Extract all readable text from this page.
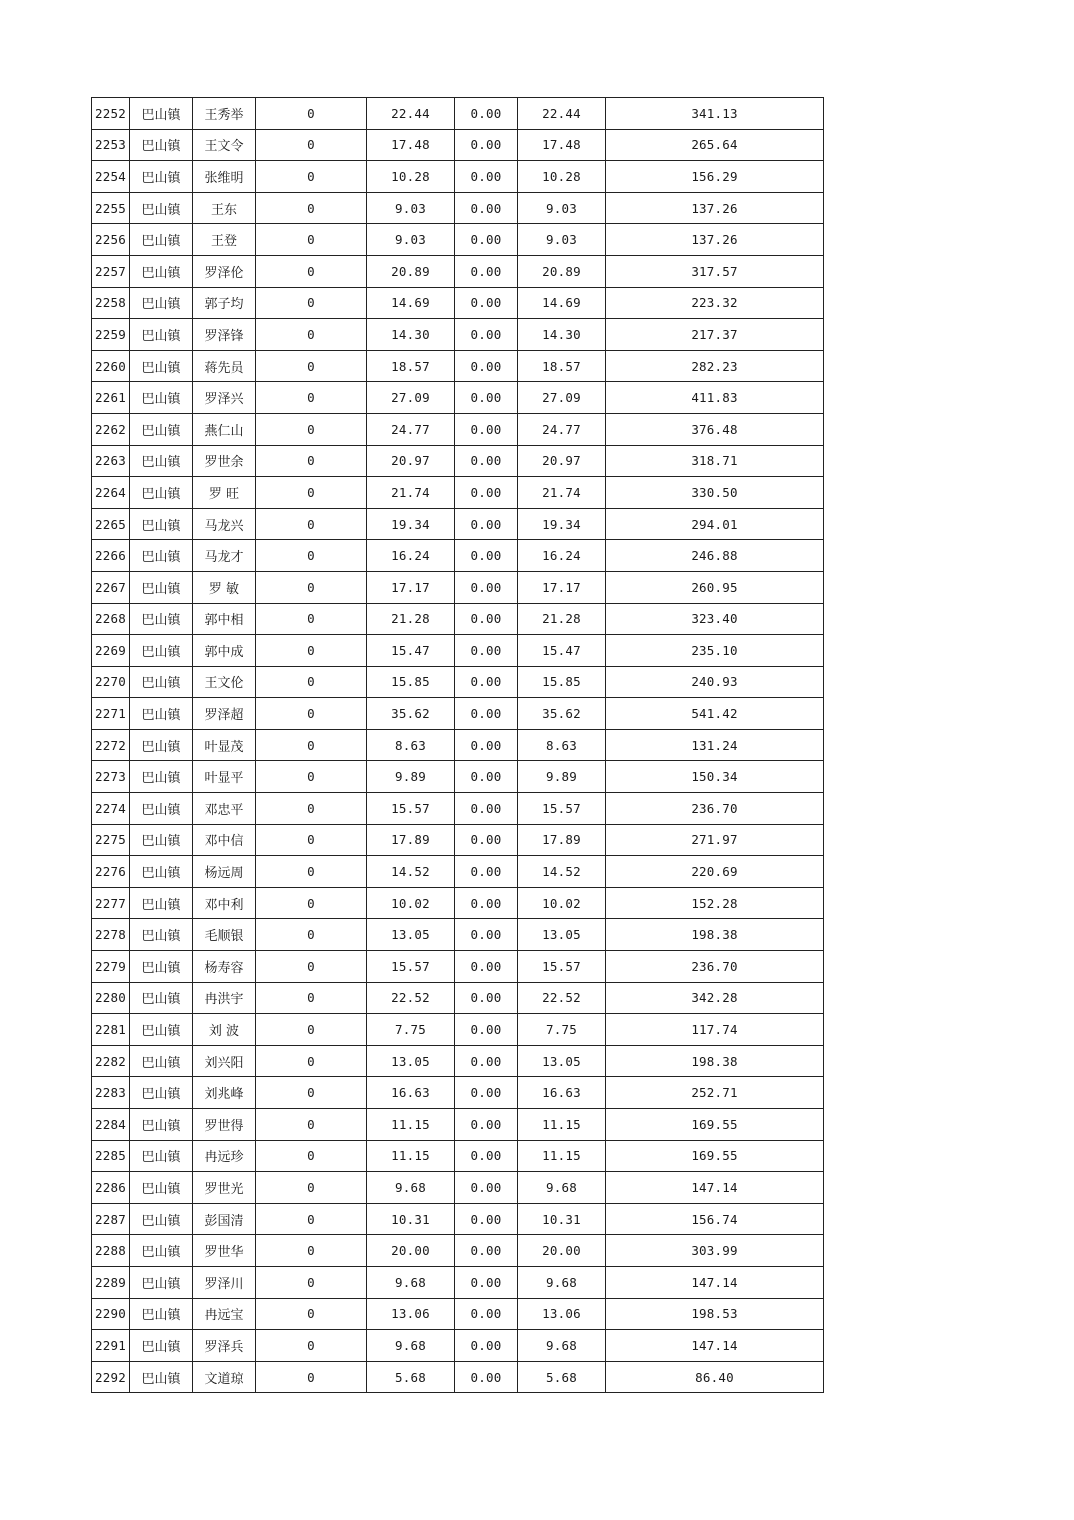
2252	巴山镇	王秀举	0	22.44	0.00	22.44	341.13
2253	巴山镇	王文令	0	17.48	0.00	17.48	265.64
2254	巴山镇	张维明	0	10.28	0.00	10.28	156.29
2255	巴山镇	王东	0	9.03	0.00	9.03	137.26
2256	巴山镇	王登	0	9.03	0.00	9.03	137.26
2257	巴山镇	罗泽伦	0	20.89	0.00	20.89	317.57
2258	巴山镇	郭子均	0	14.69	0.00	14.69	223.32
2259	巴山镇	罗泽锋	0	14.30	0.00	14.30	217.37
2260	巴山镇	蒋先员	0	18.57	0.00	18.57	282.23
2261	巴山镇	罗泽兴	0	27.09	0.00	27.09	411.83
2262	巴山镇	燕仁山	0	24.77	0.00	24.77	376.48
2263	巴山镇	罗世余	0	20.97	0.00	20.97	318.71
2264	巴山镇	罗 旺	0	21.74	0.00	21.74	330.50
2265	巴山镇	马龙兴	0	19.34	0.00	19.34	294.01
2266	巴山镇	马龙才	0	16.24	0.00	16.24	246.88
2267	巴山镇	罗 敏	0	17.17	0.00	17.17	260.95
2268	巴山镇	郭中相	0	21.28	0.00	21.28	323.40
2269	巴山镇	郭中成	0	15.47	0.00	15.47	235.10
2270	巴山镇	王文伦	0	15.85	0.00	15.85	240.93
2271	巴山镇	罗泽超	0	35.62	0.00	35.62	541.42
2272	巴山镇	叶显茂	0	8.63	0.00	8.63	131.24
2273	巴山镇	叶显平	0	9.89	0.00	9.89	150.34
2274	巴山镇	邓忠平	0	15.57	0.00	15.57	236.70
2275	巴山镇	邓中信	0	17.89	0.00	17.89	271.97
2276	巴山镇	杨远周	0	14.52	0.00	14.52	220.69
2277	巴山镇	邓中利	0	10.02	0.00	10.02	152.28
2278	巴山镇	毛顺银	0	13.05	0.00	13.05	198.38
2279	巴山镇	杨寿容	0	15.57	0.00	15.57	236.70
2280	巴山镇	冉洪宇	0	22.52	0.00	22.52	342.28
2281	巴山镇	刘 波	0	7.75	0.00	7.75	117.74
2282	巴山镇	刘兴阳	0	13.05	0.00	13.05	198.38
2283	巴山镇	刘兆峰	0	16.63	0.00	16.63	252.71
2284	巴山镇	罗世得	0	11.15	0.00	11.15	169.55
2285	巴山镇	冉远珍	0	11.15	0.00	11.15	169.55
2286	巴山镇	罗世光	0	9.68	0.00	9.68	147.14
2287	巴山镇	彭国清	0	10.31	0.00	10.31	156.74
2288	巴山镇	罗世华	0	20.00	0.00	20.00	303.99
2289	巴山镇	罗泽川	0	9.68	0.00	9.68	147.14
2290	巴山镇	冉远宝	0	13.06	0.00	13.06	198.53
2291	巴山镇	罗泽兵	0	9.68	0.00	9.68	147.14
2292	巴山镇	文道琼	0	5.68	0.00	5.68	86.40
